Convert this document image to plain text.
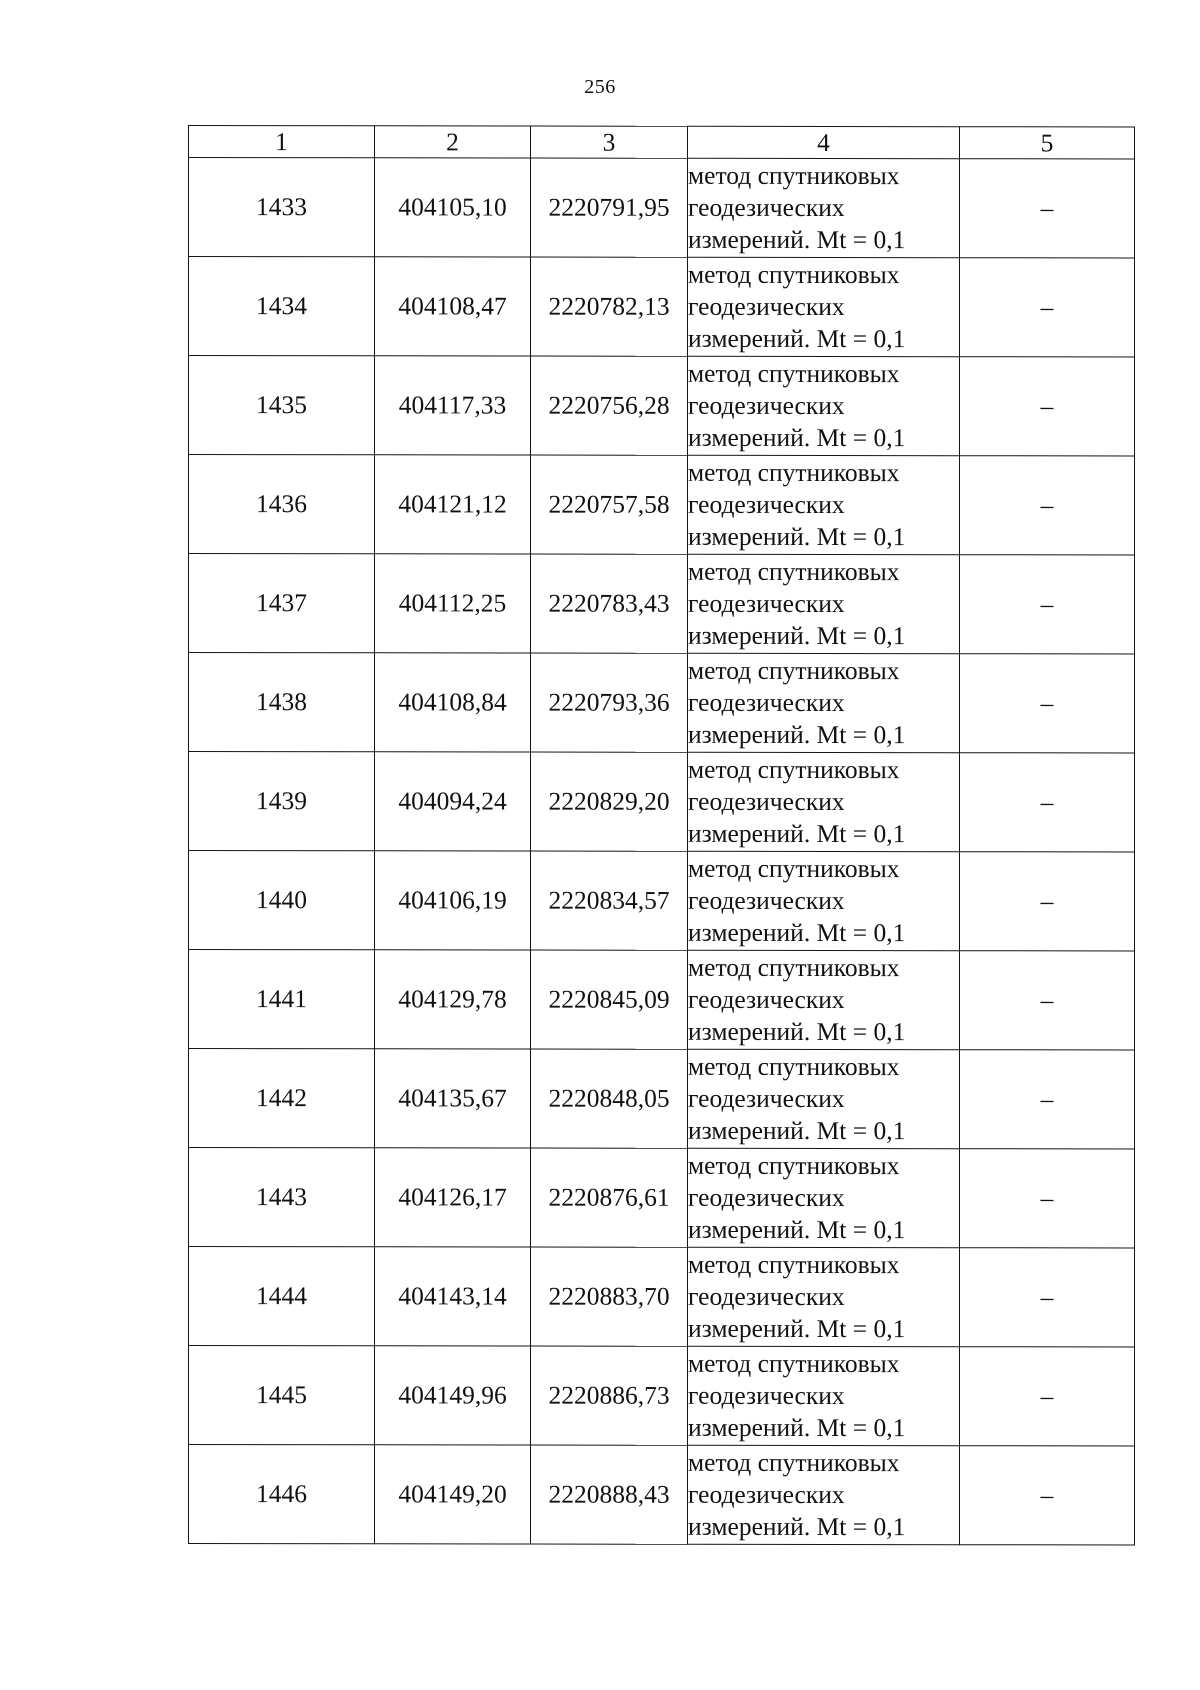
256
1	2	3	4	5
1433	404105,10	2220791,95	метод спутниковых
геодезических
измерений. Mt = 0,1	–
1434	404108,47	2220782,13	метод спутниковых
геодезических
измерений. Mt = 0,1	–
1435	404117,33	2220756,28	метод спутниковых
геодезических
измерений. Mt = 0,1	–
1436	404121,12	2220757,58	метод спутниковых
геодезических
измерений. Mt = 0,1	–
1437	404112,25	2220783,43	метод спутниковых
геодезических
измерений. Mt = 0,1	–
1438	404108,84	2220793,36	метод спутниковых
геодезических
измерений. Mt = 0,1	–
1439	404094,24	2220829,20	метод спутниковых
геодезических
измерений. Mt = 0,1	–
1440	404106,19	2220834,57	метод спутниковых
геодезических
измерений. Mt = 0,1	–
1441	404129,78	2220845,09	метод спутниковых
геодезических
измерений. Mt = 0,1	–
1442	404135,67	2220848,05	метод спутниковых
геодезических
измерений. Mt = 0,1	–
1443	404126,17	2220876,61	метод спутниковых
геодезических
измерений. Mt = 0,1	–
1444	404143,14	2220883,70	метод спутниковых
геодезических
измерений. Mt = 0,1	–
1445	404149,96	2220886,73	метод спутниковых
геодезических
измерений. Mt = 0,1	–
1446	404149,20	2220888,43	метод спутниковых
геодезических
измерений. Mt = 0,1	–
